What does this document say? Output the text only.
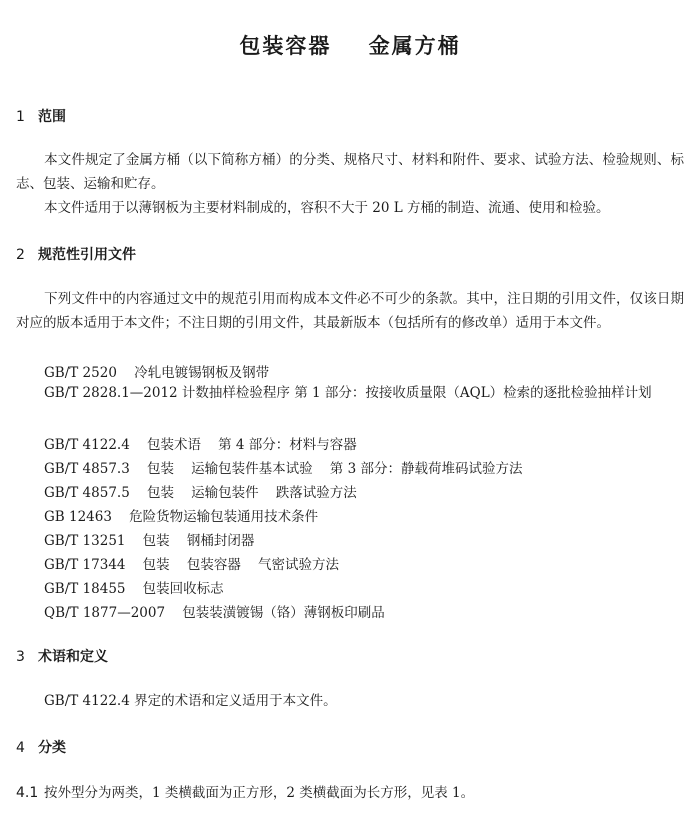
包装容器    金属方桶
1 范围
本文件规定了金属方桶（以下简称方桶）的分类、规格尺寸、材料和附件、要求、试验方法、检验规则、标志、包装、运输和贮存。
本文件适用于以薄钢板为主要材料制成的，容积不大于 20 L 方桶的制造、流通、使用和检验。
2 规范性引用文件
下列文件中的内容通过文中的规范引用而构成本文件必不可少的条款。其中，注日期的引用文件，仅该日期对应的版本适用于本文件；不注日期的引用文件，其最新版本（包括所有的修改单）适用于本文件。
GB/T 2520    冷轧电镀锡钢板及钢带
GB/T 2828.1—2012 计数抽样检验程序 第 1 部分：按接收质量限（AQL）检索的逐批检验抽样计划
GB/T 4122.4    包装术语    第 4 部分：材料与容器
GB/T 4857.3    包装    运输包装件基本试验    第 3 部分：静载荷堆码试验方法
GB/T 4857.5    包装    运输包装件    跌落试验方法
GB 12463    危险货物运输包装通用技术条件
GB/T 13251    包装    钢桶封闭器
GB/T 17344    包装    包装容器    气密试验方法
GB/T 18455    包装回收标志
QB/T 1877—2007    包装装潢镀锡（铬）薄钢板印刷品
3 术语和定义
GB/T 4122.4 界定的术语和定义适用于本文件。
4 分类
4.1 按外型分为两类，1 类横截面为正方形，2 类横截面为长方形，见表 1。
